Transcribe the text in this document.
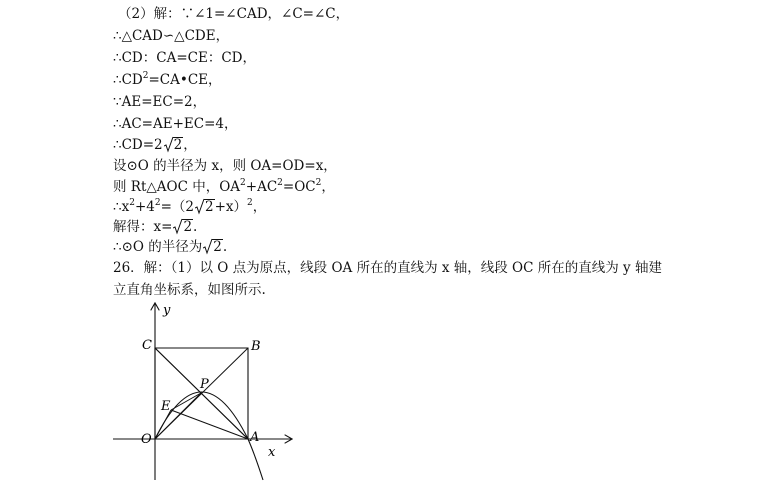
（2）解：∵∠1=∠CAD，∠C=∠C，
∴△CAD∽△CDE，
∴CD：CA=CE：CD，
$\therefore CD^2=CA•CE$，
∵AE=EC=2，
∴AC=AE+EC=4，
∴CD=2 2，
设⊙O 的半径为 x，则 OA=OD=x，
则 Rt△AOC 中，$OA^2+AC^2=OC^2$，
$\therefore x^2+4^2=(2$ 2+x）$^2$，
解得：x= 2.
∴⊙O 的半径为 2.
26．解：（1）以 O 点为原点，线段 OA 所在的直线为 x 轴，线段 OC 所在的直线为 y 轴建
立直角坐标系，如图所示.
y
x
C	B
P
E
O	A
